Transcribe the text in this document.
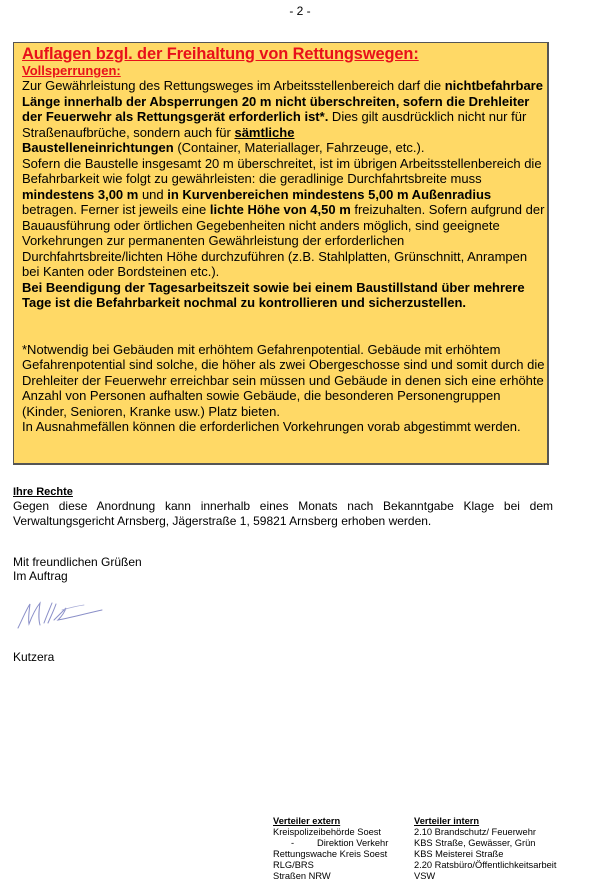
- 2 -
Auflagen bzgl. der Freihaltung von Rettungswegen:
Vollsperrungen:

Zur Gewährleistung des Rettungsweges im Arbeitsstellenbereich darf die nichtbefahrbare Länge innerhalb der Absperrungen 20 m nicht überschreiten, sofern die Drehleiter der Feuerwehr als Rettungsgerät erforderlich ist*. Dies gilt ausdrücklich nicht nur für Straßenaufbrüche, sondern auch für sämtliche
Baustelleneinrichtungen (Container, Materiallager, Fahrzeuge, etc.).

Sofern die Baustelle insgesamt 20 m überschreitet, ist im übrigen Arbeitsstellenbereich die Befahrbarkeit wie folgt zu gewährleisten: die geradlinige Durchfahrtsbreite muss mindestens 3,00 m und in Kurvenbereichen mindestens 5,00 m Außenradius betragen. Ferner ist jeweils eine lichte Höhe von 4,50 m freizuhalten. Sofern aufgrund der Bauausführung oder örtlichen Gegebenheiten nicht anders möglich, sind geeignete Vorkehrungen zur permanenten Gewährleistung der erforderlichen Durchfahrtsbreite/lichten Höhe durchzuführen (z.B. Stahlplatten, Grünschnitt, Anrampen bei Kanten oder Bordsteinen etc.).

Bei Beendigung der Tagesarbeitszeit sowie bei einem Baustillstand über mehrere Tage ist die Befahrbarkeit nochmal zu kontrollieren und sicherzustellen.

*Notwendig bei Gebäuden mit erhöhtem Gefahrenpotential. Gebäude mit erhöhtem Gefahrenpotential sind solche, die höher als zwei Obergeschosse sind und somit durch die Drehleiter der Feuerwehr erreichbar sein müssen und Gebäude in denen sich eine erhöhte Anzahl von Personen aufhalten sowie Gebäude, die besonderen Personengruppen (Kinder, Senioren, Kranke usw.) Platz bieten.

In Ausnahmefällen können die erforderlichen Vorkehrungen vorab abgestimmt werden.

Ihre Rechte
Gegen diese Anordnung kann innerhalb eines Monats nach Bekanntgabe Klage bei dem
Verwaltungsgericht Arnsberg, Jägerstraße 1, 59821 Arnsberg erhoben werden.
Mit freundlichen Grüßen
Im Auftrag
Kutzera
Verteiler extern
Kreispolizeibehörde Soest
- Direktion Verkehr
Rettungswache Kreis Soest
RLG/BRS
Straßen NRW
Verteiler intern
2.10 Brandschutz/ Feuerwehr
KBS Straße, Gewässer, Grün
KBS Meisterei Straße
2.20 Ratsbüro/Öffentlichkeitsarbeit
VSW
